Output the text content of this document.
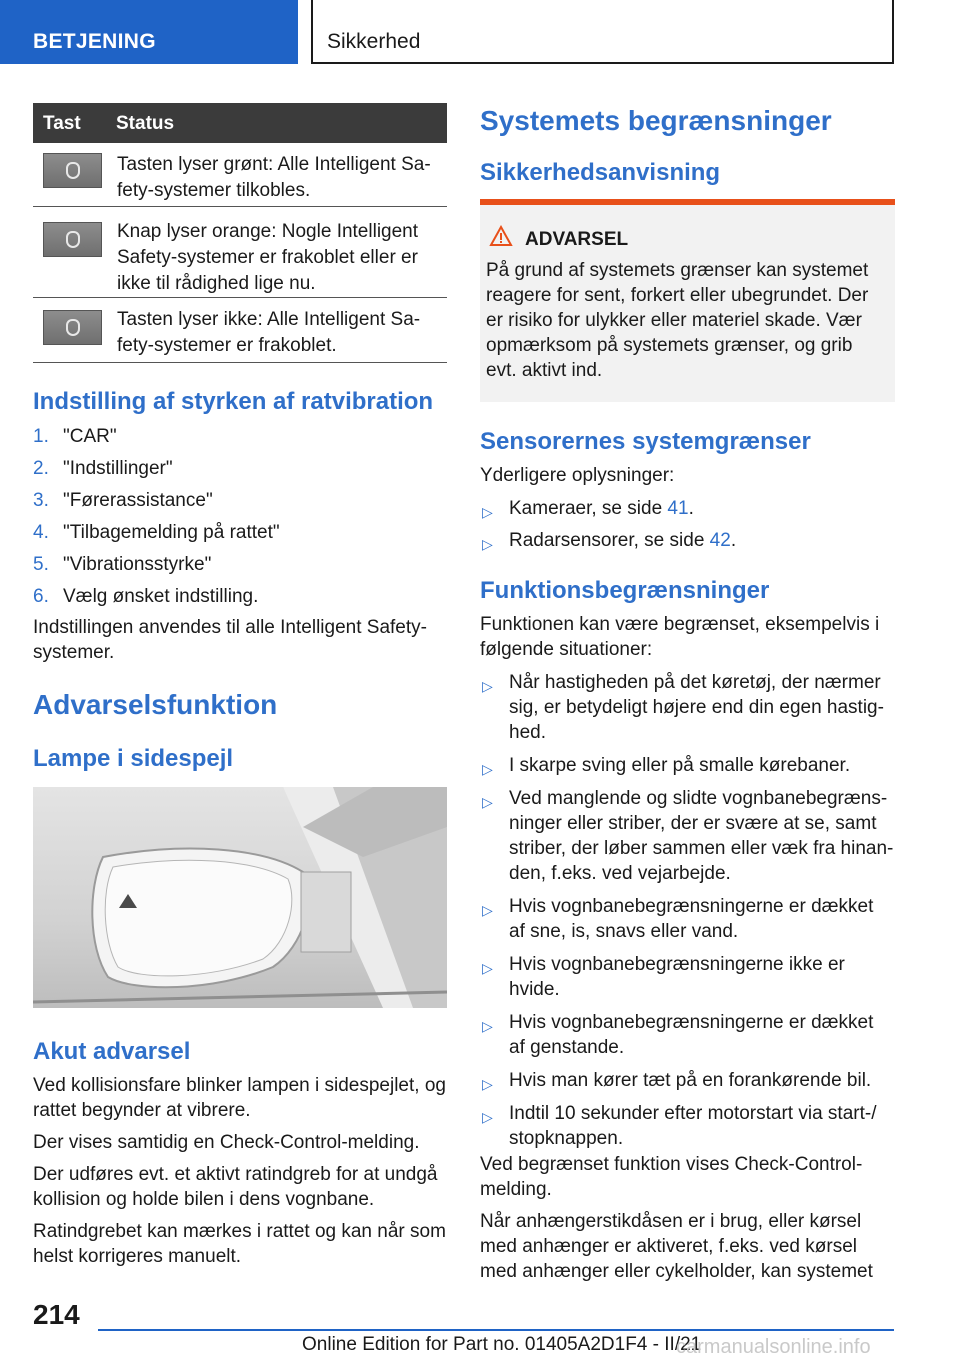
BETJENING	Sikkerhed
Tast Status
Tasten lyser grønt: Alle Intelligent Sa‐
fety-systemer tilkobles.
Knap lyser orange: Nogle Intelligent
Safety-systemer er frakoblet eller er
ikke til rådighed lige nu.
Tasten lyser ikke: Alle Intelligent Sa‐
fety-systemer er frakoblet.
Indstilling af styrken af ratvibration
1. "CAR"
2. "Indstillinger"
3. "Førerassistance"
4. "Tilbagemelding på rattet"
5. "Vibrationsstyrke"
6. Vælg ønsket indstilling.
Indstillingen anvendes til alle Intelligent Safety-
systemer.
Advarselsfunktion
Lampe i sidespejl
Akut advarsel
Ved kollisionsfare blinker lampen i sidespejlet, og
rattet begynder at vibrere.
Der vises samtidig en Check-Control-melding.
Der udføres evt. et aktivt ratindgreb for at undgå
kollision og holde bilen i dens vognbane.
Ratindgrebet kan mærkes i rattet og kan når som
helst korrigeres manuelt.
Systemets begrænsninger
Sikkerhedsanvisning
ADVARSEL
På grund af systemets grænser kan systemet
reagere for sent, forkert eller ubegrundet. Der
er risiko for ulykker eller materiel skade. Vær
opmærksom på systemets grænser, og grib
evt. aktivt ind.
Sensorernes systemgrænser
Yderligere oplysninger:
▷ Kameraer, se side 41.
▷ Radarsensorer, se side 42.
Funktionsbegrænsninger
Funktionen kan være begrænset, eksempelvis i
følgende situationer:
▷ Når hastigheden på det køretøj, der nærmer
sig, er betydeligt højere end din egen hastig‐
hed.
▷ I skarpe sving eller på smalle kørebaner.
▷ Ved manglende og slidte vognbanebegræns‐
ninger eller striber, der er svære at se, samt
striber, der løber sammen eller væk fra hinan‐
den, f.eks. ved vejarbejde.
▷ Hvis vognbanebegrænsningerne er dækket
af sne, is, snavs eller vand.
▷ Hvis vognbanebegrænsningerne ikke er
hvide.
▷ Hvis vognbanebegrænsningerne er dækket
af genstande.
▷ Hvis man kører tæt på en forankørende bil.
▷ Indtil 10 sekunder efter motorstart via start-/
stopknappen.
Ved begrænset funktion vises Check-Control-
melding.
Når anhængerstikdåsen er i brug, eller kørsel
med anhænger er aktiveret, f.eks. ved kørsel
med anhænger eller cykelholder, kan systemet
214
Online Edition for Part no. 01405A2D1F4 - II/21
carmanualsonline.info
